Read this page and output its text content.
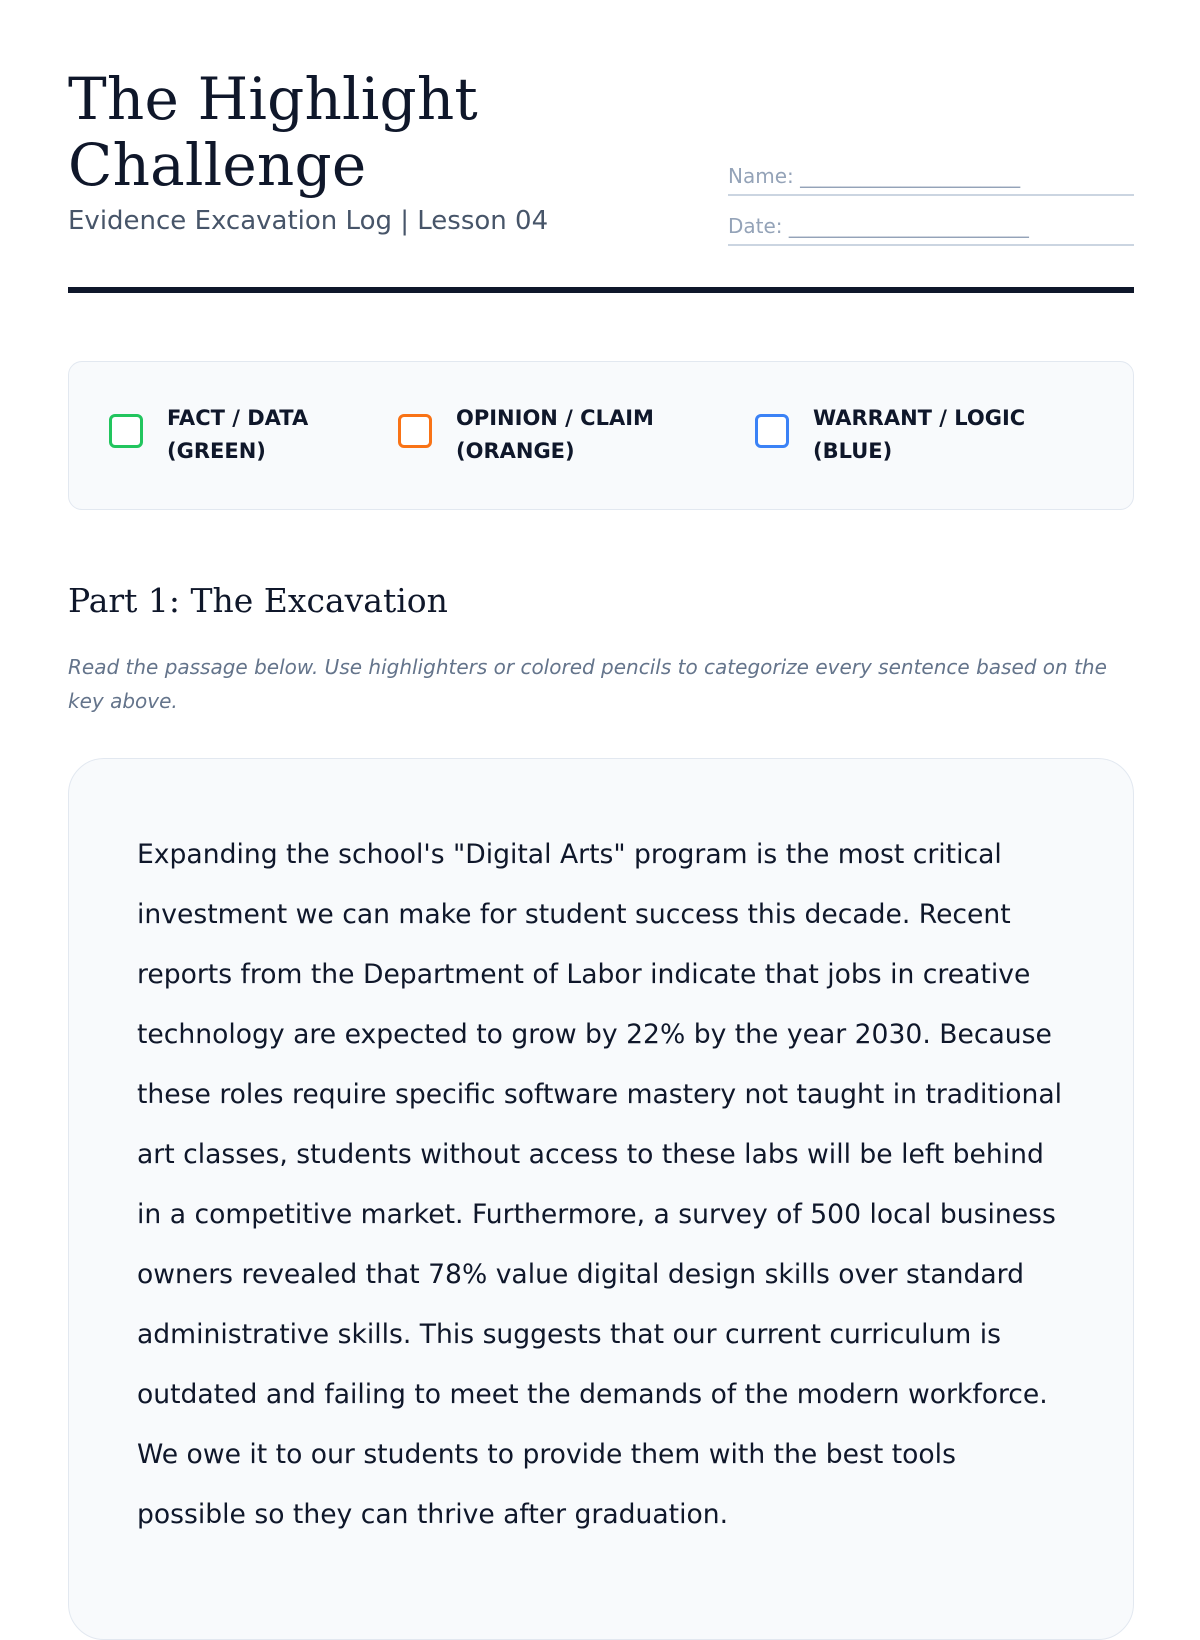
The Highlight Challenge
Evidence Excavation Log | Lesson 04
Name: ______________________
Date: ________________________
FACT / DATA
(GREEN)
OPINION / CLAIM
(ORANGE)
WARRANT / LOGIC
(BLUE)
Part 1: The Excavation

Read the passage below. Use highlighters or colored pencils to categorize every sentence based on the key above.

Expanding the school's "Digital Arts" program is the most critical investment we can make for student success this decade. Recent reports from the Department of Labor indicate that jobs in creative technology are expected to grow by 22% by the year 2030. Because these roles require specific software mastery not taught in traditional art classes, students without access to these labs will be left behind in a competitive market. Furthermore, a survey of 500 local business owners revealed that 78% value digital design skills over standard administrative skills. This suggests that our current curriculum is outdated and failing to meet the demands of the modern workforce. We owe it to our students to provide them with the best tools possible so they can thrive after graduation.
